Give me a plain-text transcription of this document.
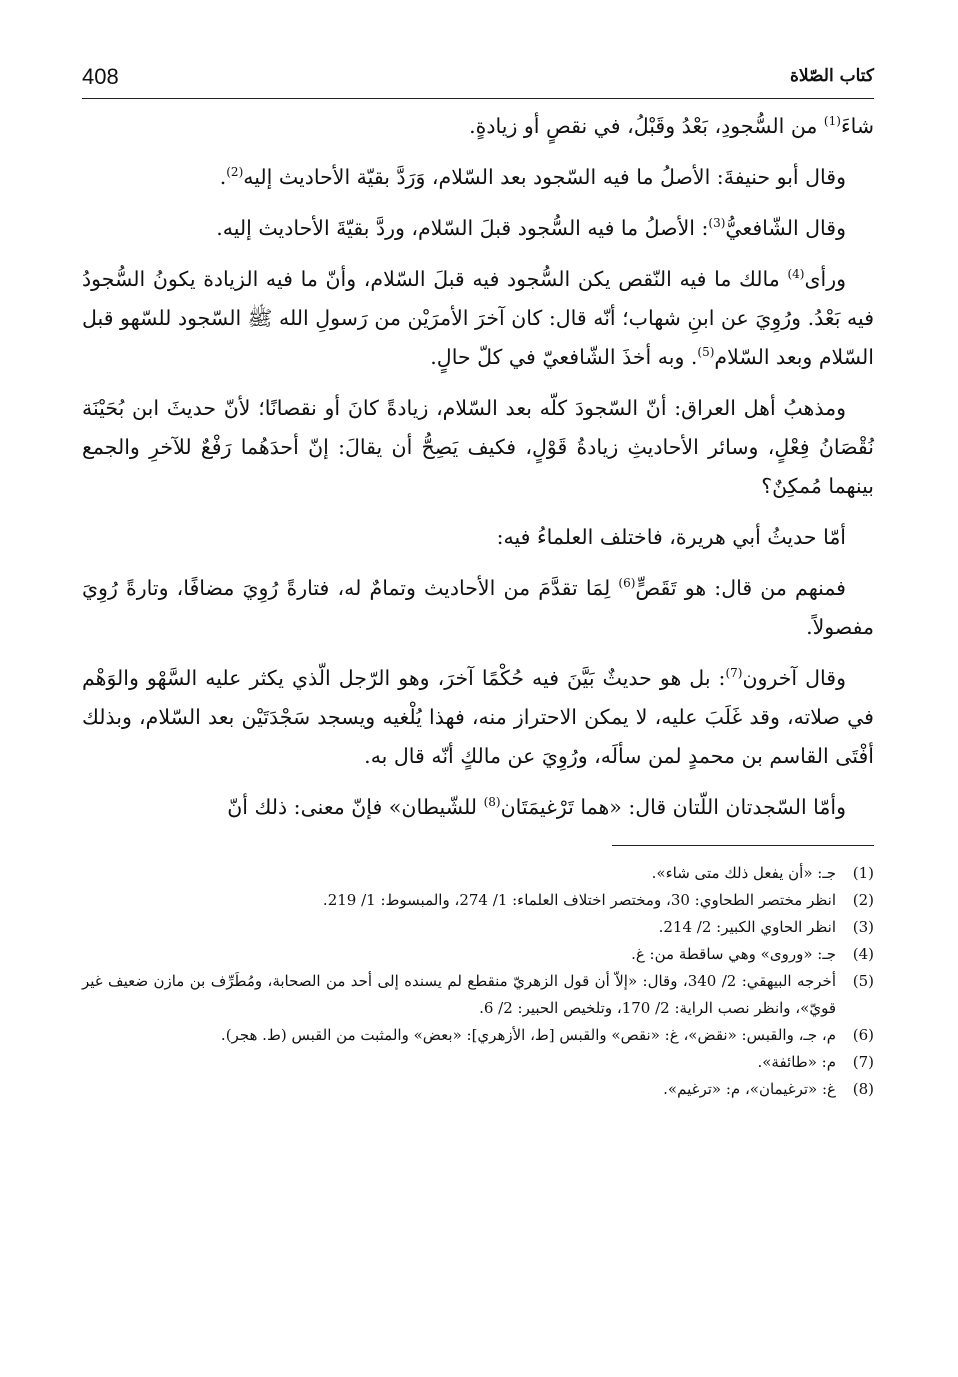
408	كتاب الصّلاة

شاءَ$^{(1)}$ من السُّجودِ، بَعْدُ وقَبْلُ، في نقصٍ أو زيادةٍ.

وقال أبو حنيفةَ: الأصلُ ما فيه السّجود بعد السّلام، وَرَدَّ بقيّة الأحاديث إليه$^{(2)}$.

وقال الشّافعيُّ$^{(3)}$: الأصلُ ما فيه السُّجود قبلَ السّلام، وردَّ بقيّةَ الأحاديث إليه.

ورأى$^{(4)}$ مالك ما فيه النّقص يكن السُّجود فيه قبلَ السّلام، وأنّ ما فيه الزيادة يكونُ السُّجودُ فيه بَعْدُ. ورُوِيَ عن ابنِ شهاب؛ أنّه قال: كان آخرَ الأمرَيْن من رَسولِ الله ﷺ السّجود للسّهو قبل السّلام وبعد السّلام$^{(5)}$. وبه أخذَ الشّافعيّ في كلّ حالٍ.

ومذهبُ أهل العراق: أنّ السّجودَ كلّه بعد السّلام، زيادةً كانَ أو نقصانًا؛ لأنّ حديثَ ابن بُحَيْنَة نُقْصَانُ فِعْلٍ، وسائر الأحاديثِ زيادةُ قَوْلٍ، فكيف يَصِحُّ أن يقالَ: إنّ أحدَهُما رَفْعٌ للآخرِ والجمع بينهما مُمكِنٌ؟

أمّا حديثُ أبي هريرة، فاختلف العلماءُ فيه:

فمنهم من قال: هو تَقَصٍّ$^{(6)}$ لِمَا تقدَّمَ من الأحاديث وتمامٌ له، فتارةً رُوِيَ مضافًا، وتارةً رُوِيَ مفصولاً.

وقال آخرون$^{(7)}$: بل هو حديثٌ بَيَّنَ فيه حُكْمًا آخرَ، وهو الرّجل الّذي يكثر عليه السَّهْو والوَهْم في صلاته، وقد غَلَبَ عليه، لا يمكن الاحتراز منه، فهذا يُلْغيه ويسجد سَجْدَتَيْن بعد السّلام، وبذلك أفْتَى القاسم بن محمدٍ لمن سألَه، ورُوِيَ عن مالكٍ أنّه قال به.

وأمّا السّجدتان اللّتان قال: «هما تَرْغيمَتَان$^{(8)}$ للشّيطان» فإنّ معنى: ذلك أنّ

(1)
جـ: «أن يفعل ذلك متى شاء».
(2)
انظر مختصر الطحاوي: 30، ومختصر اختلاف العلماء: 1/ 274، والمبسوط: 1/ 219.
(3)
انظر الحاوي الكبير: 2/ 214.
(4)
جـ: «وروى» وهي ساقطة من: غ.
(5)
أخرجه البيهقي: 2/ 340، وقال: «إلاّ أن قول الزهريّ منقطع لم يسنده إلى أحد من الصحابة، ومُطَرِّف بن مازن ضعيف غير قويّ»، وانظر نصب الراية: 2/ 170، وتلخيص الحبير: 2/ 6.
(6)
م، جـ، والقبس: «نقض»، غ: «نقص» والقبس [ط، الأزهري]: «بعض» والمثبت من القبس (ط. هجر).
(7)
م: «طائفة».
(8)
غ: «ترغيمان»، م: «ترغيم».
